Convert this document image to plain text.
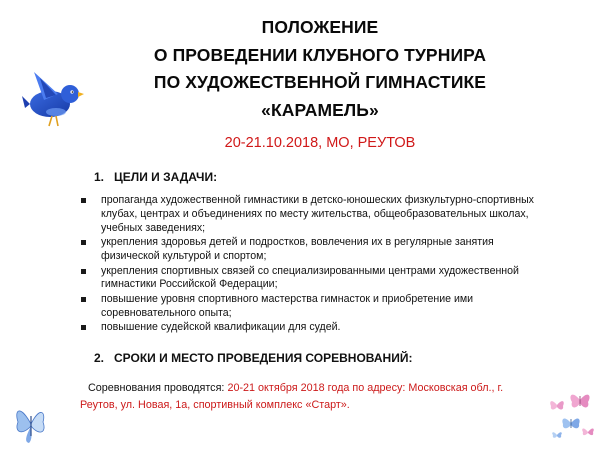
ПОЛОЖЕНИЕ
О ПРОВЕДЕНИИ КЛУБНОГО ТУРНИРА
ПО ХУДОЖЕСТВЕННОЙ ГИМНАСТИКЕ
«КАРАМЕЛЬ»
20-21.10.2018, МО, РЕУТОВ
1. ЦЕЛИ И ЗАДАЧИ:
пропаганда художественной гимнастики в детско-юношеских физкультурно-спортивных клубах, центрах и объединениях по месту жительства, общеобразовательных школах, учебных заведениях;
укрепления здоровья детей и подростков, вовлечения их в регулярные занятия физической культурой и спортом;
укрепления спортивных связей со специализированными центрами художественной гимнастики Российской Федерации;
повышение уровня спортивного мастерства гимнасток и приобретение ими соревновательного опыта;
повышение судейской квалификации для судей.
2. СРОКИ И МЕСТО ПРОВЕДЕНИЯ СОРЕВНОВАНИЙ:
Соревнования проводятся: 20-21 октября 2018 года по адресу: Московская обл., г. Реутов, ул. Новая, 1а, спортивный комплекс «Старт».
